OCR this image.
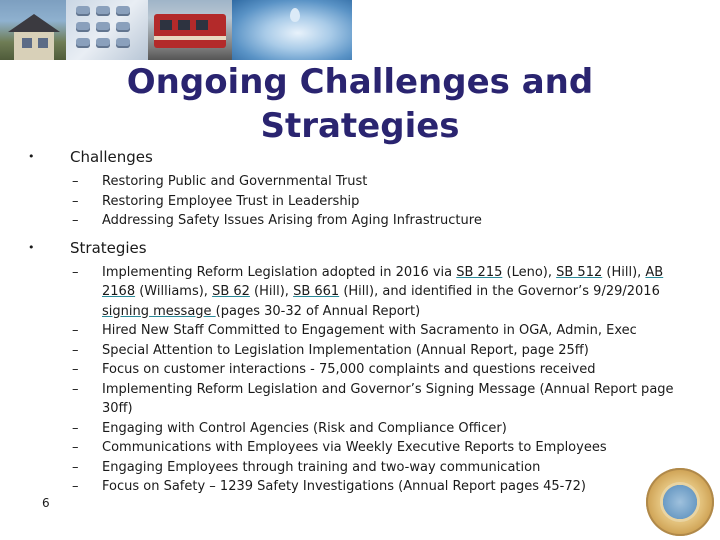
Ongoing Challenges and Strategies
• Challenges
– Restoring Public and Governmental Trust
– Restoring Employee Trust in Leadership
– Addressing Safety Issues Arising from Aging Infrastructure
• Strategies
– Implementing Reform Legislation adopted in 2016 via SB 215 (Leno), SB 512 (Hill), AB 2168 (Williams), SB 62 (Hill), SB 661 (Hill), and identified in the Governor’s 9/29/2016 signing message (pages 30-32 of Annual Report)
– Hired New Staff Committed to Engagement with Sacramento in OGA, Admin, Exec
– Special Attention to Legislation Implementation (Annual Report, page 25ff)
– Focus on customer interactions - 75,000 complaints and questions received
– Implementing Reform Legislation and Governor’s Signing Message (Annual Report page 30ff)
– Engaging with Control Agencies (Risk and Compliance Officer)
– Communications with Employees via Weekly Executive Reports to Employees
– Engaging Employees through training and two-way communication
– Focus on Safety – 1239 Safety Investigations (Annual Report pages 45-72)
6
